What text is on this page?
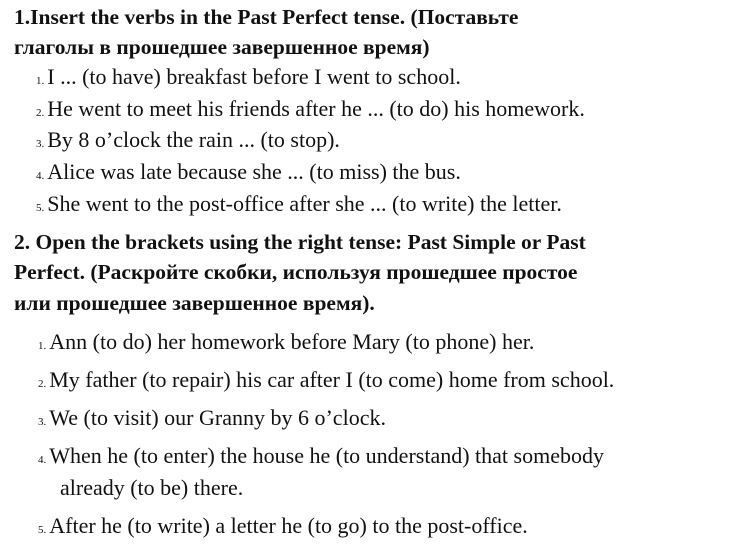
1.Insert the verbs in the Past Perfect tense. (Поставьте
глаголы в прошедшее завершенное время)
1. I ... (to have) breakfast before I went to school.
2. He went to meet his friends after he ... (to do) his homework.
3. By 8 o’clock the rain ... (to stop).
4. Alice was late because she ... (to miss) the bus.
5. She went to the post-office after she ... (to write) the letter.
2. Open the brackets using the right tense: Past Simple or Past
Perfect. (Раскройте скобки, используя прошедшее простое
или прошедшее завершенное время).
1. Ann (to do) her homework before Mary (to phone) her.
2. My father (to repair) his car after I (to come) home from school.
3. We (to visit) our Granny by 6 o’clock.
4. When he (to enter) the house he (to understand) that somebody
already (to be) there.
5. After he (to write) a letter he (to go) to the post-office.
